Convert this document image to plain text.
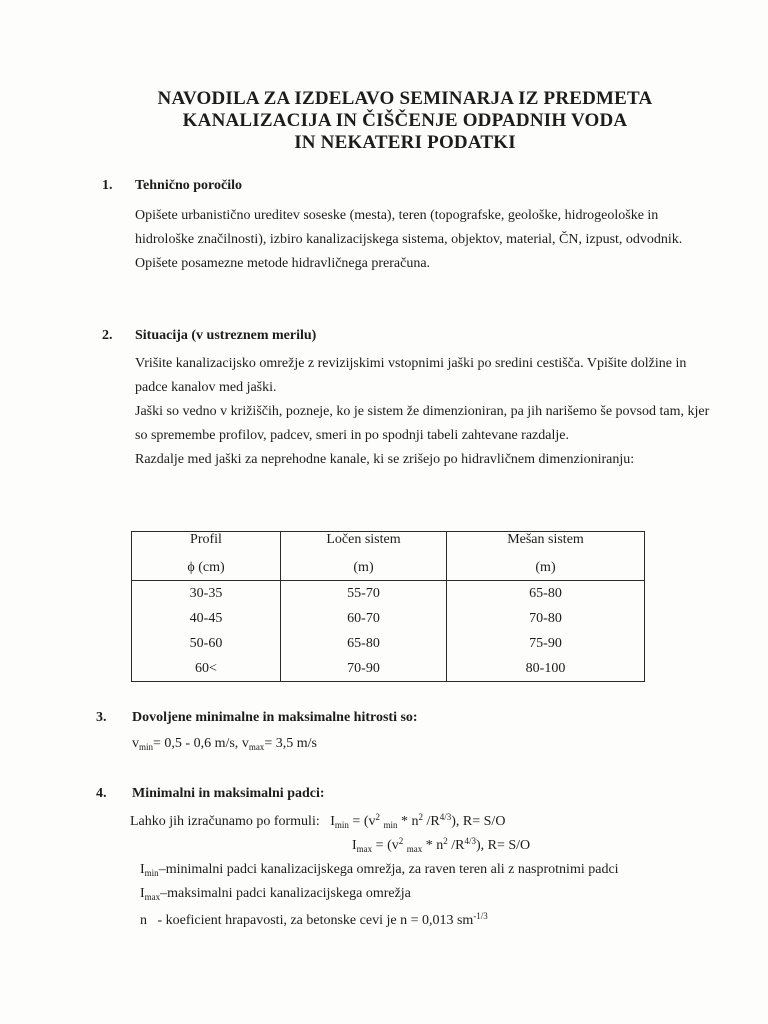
NAVODILA ZA IZDELAVO SEMINARJA IZ PREDMETA
KANALIZACIJA IN ČIŠČENJE ODPADNIH VODA
IN NEKATERI PODATKI
1. Tehnično poročilo

Opišete urbanistično ureditev soseske (mesta), teren (topografske, geološke, hidrogeološke in hidrološke značilnosti), izbiro kanalizacijskega sistema, objektov, material, ČN, izpust, odvodnik.

Opišete posamezne metode hidravličnega preračuna.

2. Situacija (v ustreznem merilu)

Vrišite kanalizacijsko omrežje z revizijskimi vstopnimi jaški po sredini cestišča. Vpišite dolžine in padce kanalov med jaški.

Jaški so vedno v križiščih, pozneje, ko je sistem že dimenzioniran, pa jih narišemo še povsod tam, kjer so spremembe profilov, padcev, smeri in po spodnji tabeli zahtevane razdalje.

Razdalje med jaški za neprehodne kanale, ki se zrišejo po hidravličnem dimenzioniranju:

Profil	Ločen sistem	Mešan sistem
ϕ (cm)	(m)	(m)
30-35	55-70	65-80
40-45	60-70	70-80
50-60	65-80	75-90
60<	70-90	80-100
3. Dovoljene minimalne in maksimalne hitrosti so:
$v_{min}= 0,5 - 0,6$ m/s, $v_{max}= 3,5$ m/s
4. Minimalni in maksimalni padci:
Lahko jih izračunamo po formuli: $I_{min} = (v^2$ $_{min} * n^2$ $/R^{4/3}$), R= S/O
$I_{max} = (v^2$ $_{max} * n^2$ $/R^{4/3}$), R= S/O
$I_{min}$–minimalni padci kanalizacijskega omrežja, za raven teren ali z nasprotnimi padci
$I_{max}$–maksimalni padci kanalizacijskega omrežja
n - koeficient hrapavosti, za betonske cevi je n = 0,013 $sm^{-1/3}$
